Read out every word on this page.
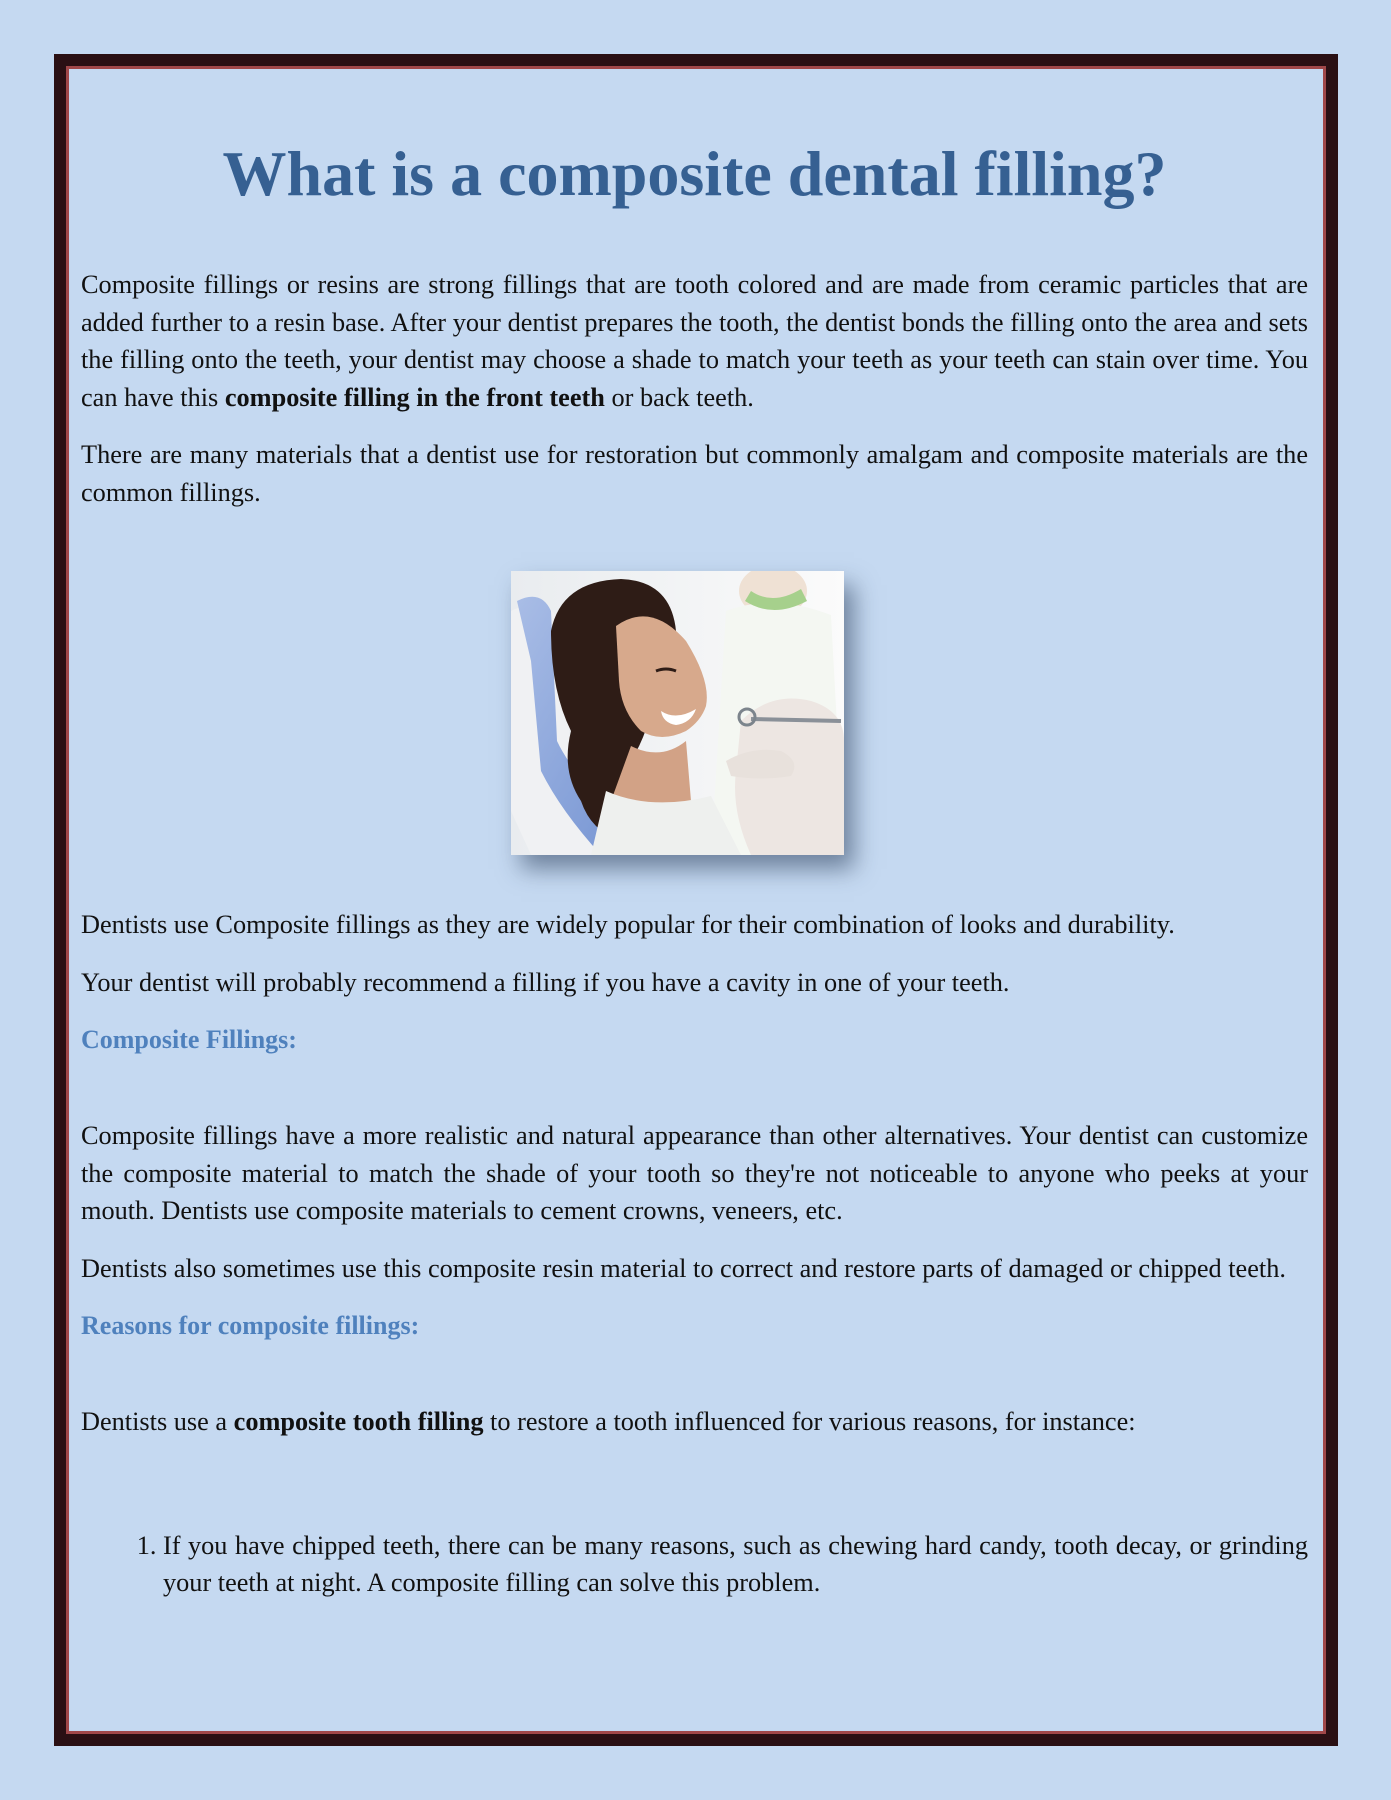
What is a composite dental filling?

Composite fillings or resins are strong fillings that are tooth colored and are made from ceramic particles that are added further to a resin base. After your dentist prepares the tooth, the dentist bonds the filling onto the area and sets the filling onto the teeth, your dentist may choose a shade to match your teeth as your teeth can stain over time. You can have this composite filling in the front teeth or back teeth.

There are many materials that a dentist use for restoration but commonly amalgam and composite materials are the common fillings.

Dentists use Composite fillings as they are widely popular for their combination of looks and durability.

Your dentist will probably recommend a filling if you have a cavity in one of your teeth.

Composite Fillings:

Composite fillings have a more realistic and natural appearance than other alternatives. Your dentist can customize the composite material to match the shade of your tooth so they're not noticeable to anyone who peeks at your mouth. Dentists use composite materials to cement crowns, veneers, etc.

Dentists also sometimes use this composite resin material to correct and restore parts of damaged or chipped teeth.

Reasons for composite fillings:

Dentists use a composite tooth filling to restore a tooth influenced for various reasons, for instance:

1. If you have chipped teeth, there can be many reasons, such as chewing hard candy, tooth decay, or grinding your teeth at night. A composite filling can solve this problem.
